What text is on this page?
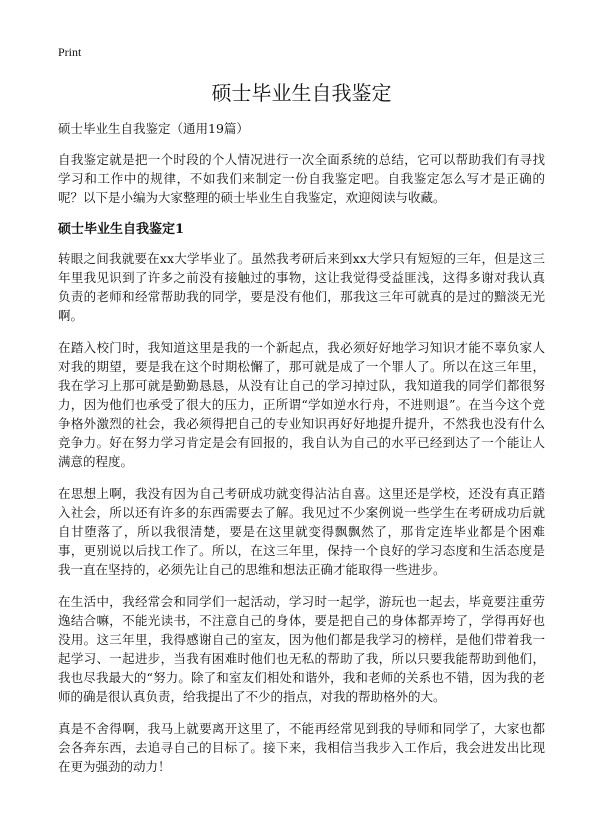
Print
硕士毕业生自我鉴定
硕士毕业生自我鉴定（通用19篇）

自我鉴定就是把一个时段的个人情况进行一次全面系统的总结，它可以帮助我们有寻找学习和工作中的规律，不如我们来制定一份自我鉴定吧。自我鉴定怎么写才是正确的呢？以下是小编为大家整理的硕士毕业生自我鉴定，欢迎阅读与收藏。

硕士毕业生自我鉴定1

转眼之间我就要在xx大学毕业了。虽然我考研后来到xx大学只有短短的三年，但是这三年里我见识到了许多之前没有接触过的事物，这让我觉得受益匪浅，这得多谢对我认真负责的老师和经常帮助我的同学，要是没有他们，那我这三年可就真的是过的黯淡无光啊。

在踏入校门时，我知道这里是我的一个新起点，我必须好好地学习知识才能不辜负家人对我的期望，要是我在这个时期松懈了，那可就是成了一个罪人了。所以在这三年里，我在学习上那可就是勤勤恳恳，从没有让自己的学习掉过队，我知道我的同学们都很努力，因为他们也承受了很大的压力，正所谓“学如逆水行舟，不进则退”。在当今这个竞争格外激烈的社会，我必须得把自己的专业知识再好好地提升提升，不然我也没有什么竞争力。好在努力学习肯定是会有回报的，我自认为自己的水平已经到达了一个能让人满意的程度。

在思想上啊，我没有因为自己考研成功就变得沾沾自喜。这里还是学校，还没有真正踏入社会，所以还有许多的东西需要去了解。我见过不少案例说一些学生在考研成功后就自甘堕落了，所以我很清楚，要是在这里就变得飘飘然了，那肯定连毕业都是个困难事，更别说以后找工作了。所以，在这三年里，保持一个良好的学习态度和生活态度是我一直在坚持的，必须先让自己的思维和想法正确才能取得一些进步。

在生活中，我经常会和同学们一起活动，学习时一起学，游玩也一起去，毕竟要注重劳逸结合嘛，不能光读书，不注意自己的身体，要是把自己的身体都弄垮了，学得再好也没用。这三年里，我得感谢自己的室友，因为他们都是我学习的榜样，是他们带着我一起学习、一起进步，当我有困难时他们也无私的帮助了我，所以只要我能帮助到他们，我也尽我最大的“努力。除了和室友们相处和谐外，我和老师的关系也不错，因为我的老师的确是很认真负责，给我提出了不少的指点，对我的帮助格外的大。

真是不舍得啊，我马上就要离开这里了，不能再经常见到我的导师和同学了，大家也都会各奔东西，去追寻自己的目标了。接下来，我相信当我步入工作后，我会进发出比现在更为强劲的动力！
